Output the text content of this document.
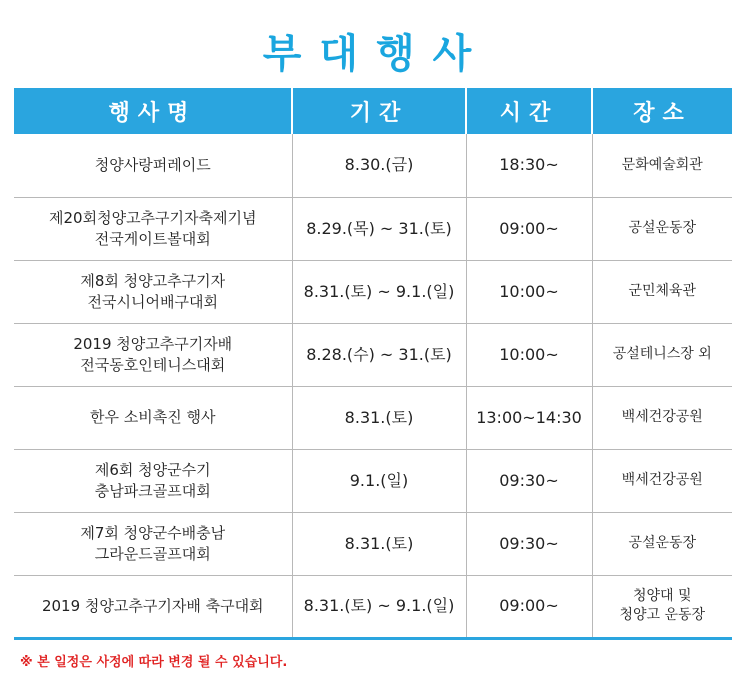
부대행사
행사명	기간	시간	장소

청양사랑퍼레이드	8.30.(금)	18:30~	문화예술회관

제20회청양고추구기자축제기념
전국게이트볼대회	8.29.(목) ~ 31.(토)	09:00~	공설운동장

제8회 청양고추구기자
전국시니어배구대회	8.31.(토) ~ 9.1.(일)	10:00~	군민체육관

2019 청양고추구기자배
전국동호인테니스대회	8.28.(수) ~ 31.(토)	10:00~	공설테니스장 외

한우 소비촉진 행사	8.31.(토)	13:00~14:30	백세건강공원

제6회 청양군수기
충남파크골프대회	9.1.(일)	09:30~	백세건강공원

제7회 청양군수배충남
그라운드골프대회	8.31.(토)	09:30~	공설운동장

2019 청양고추구기자배 축구대회	8.31.(토) ~ 9.1.(일)	09:00~	청양대 및
청양고 운동장
※ 본 일정은 사정에 따라 변경 될 수 있습니다.
